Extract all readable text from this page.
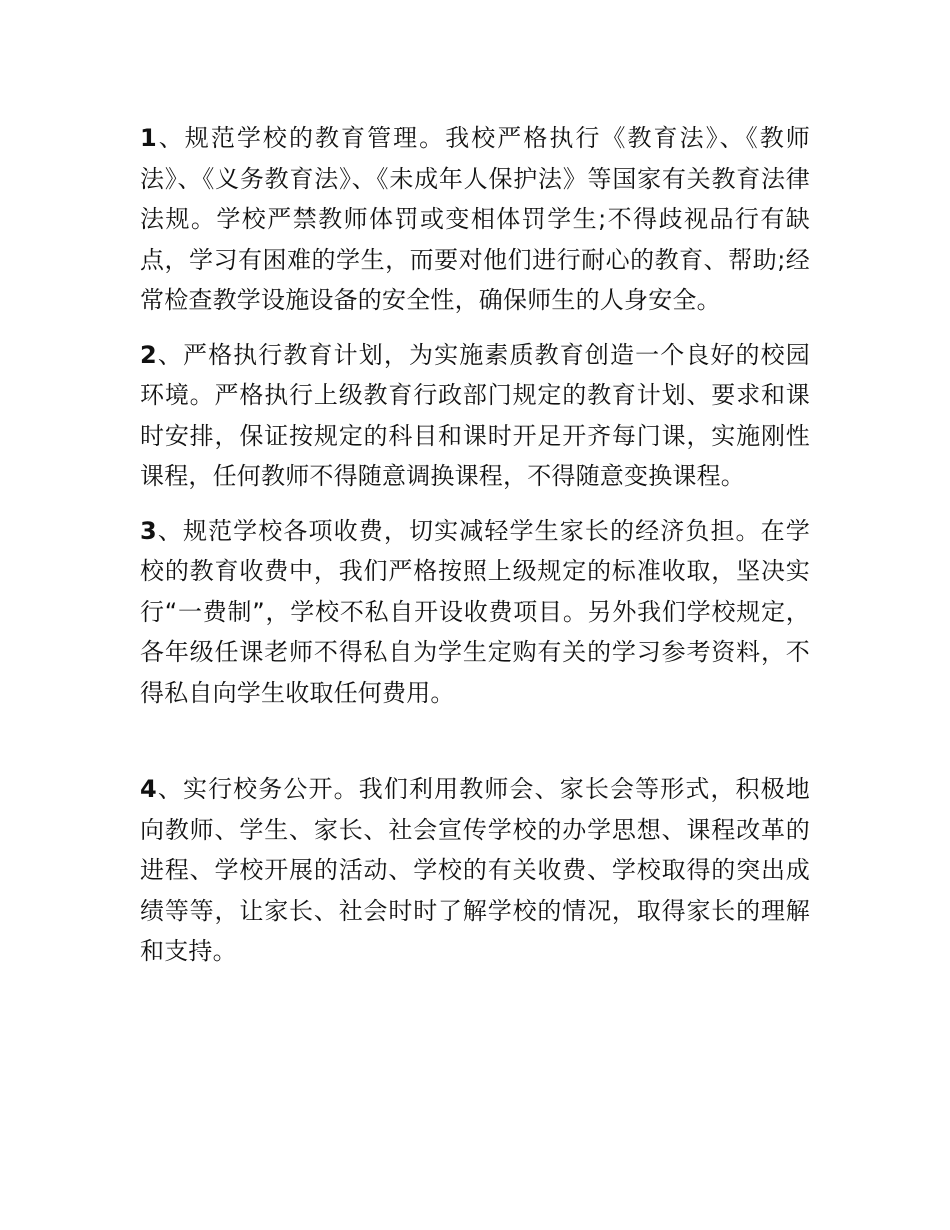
1、规范学校的教育管理。我校严格执行《教育法》、《教师法》、《义务教育法》、《未成年人保护法》等国家有关教育法律法规。学校严禁教师体罚或变相体罚学生;不得歧视品行有缺点，学习有困难的学生，而要对他们进行耐心的教育、帮助;经常检查教学设施设备的安全性，确保师生的人身安全。

2、严格执行教育计划，为实施素质教育创造一个良好的校园环境。严格执行上级教育行政部门规定的教育计划、要求和课时安排，保证按规定的科目和课时开足开齐每门课，实施刚性课程，任何教师不得随意调换课程，不得随意变换课程。

3、规范学校各项收费，切实减轻学生家长的经济负担。在学校的教育收费中，我们严格按照上级规定的标准收取，坚决实行“一费制”，学校不私自开设收费项目。另外我们学校规定，各年级任课老师不得私自为学生定购有关的学习参考资料，不得私自向学生收取任何费用。

4、实行校务公开。我们利用教师会、家长会等形式，积极地向教师、学生、家长、社会宣传学校的办学思想、课程改革的进程、学校开展的活动、学校的有关收费、学校取得的突出成绩等等，让家长、社会时时了解学校的情况，取得家长的理解和支持。
